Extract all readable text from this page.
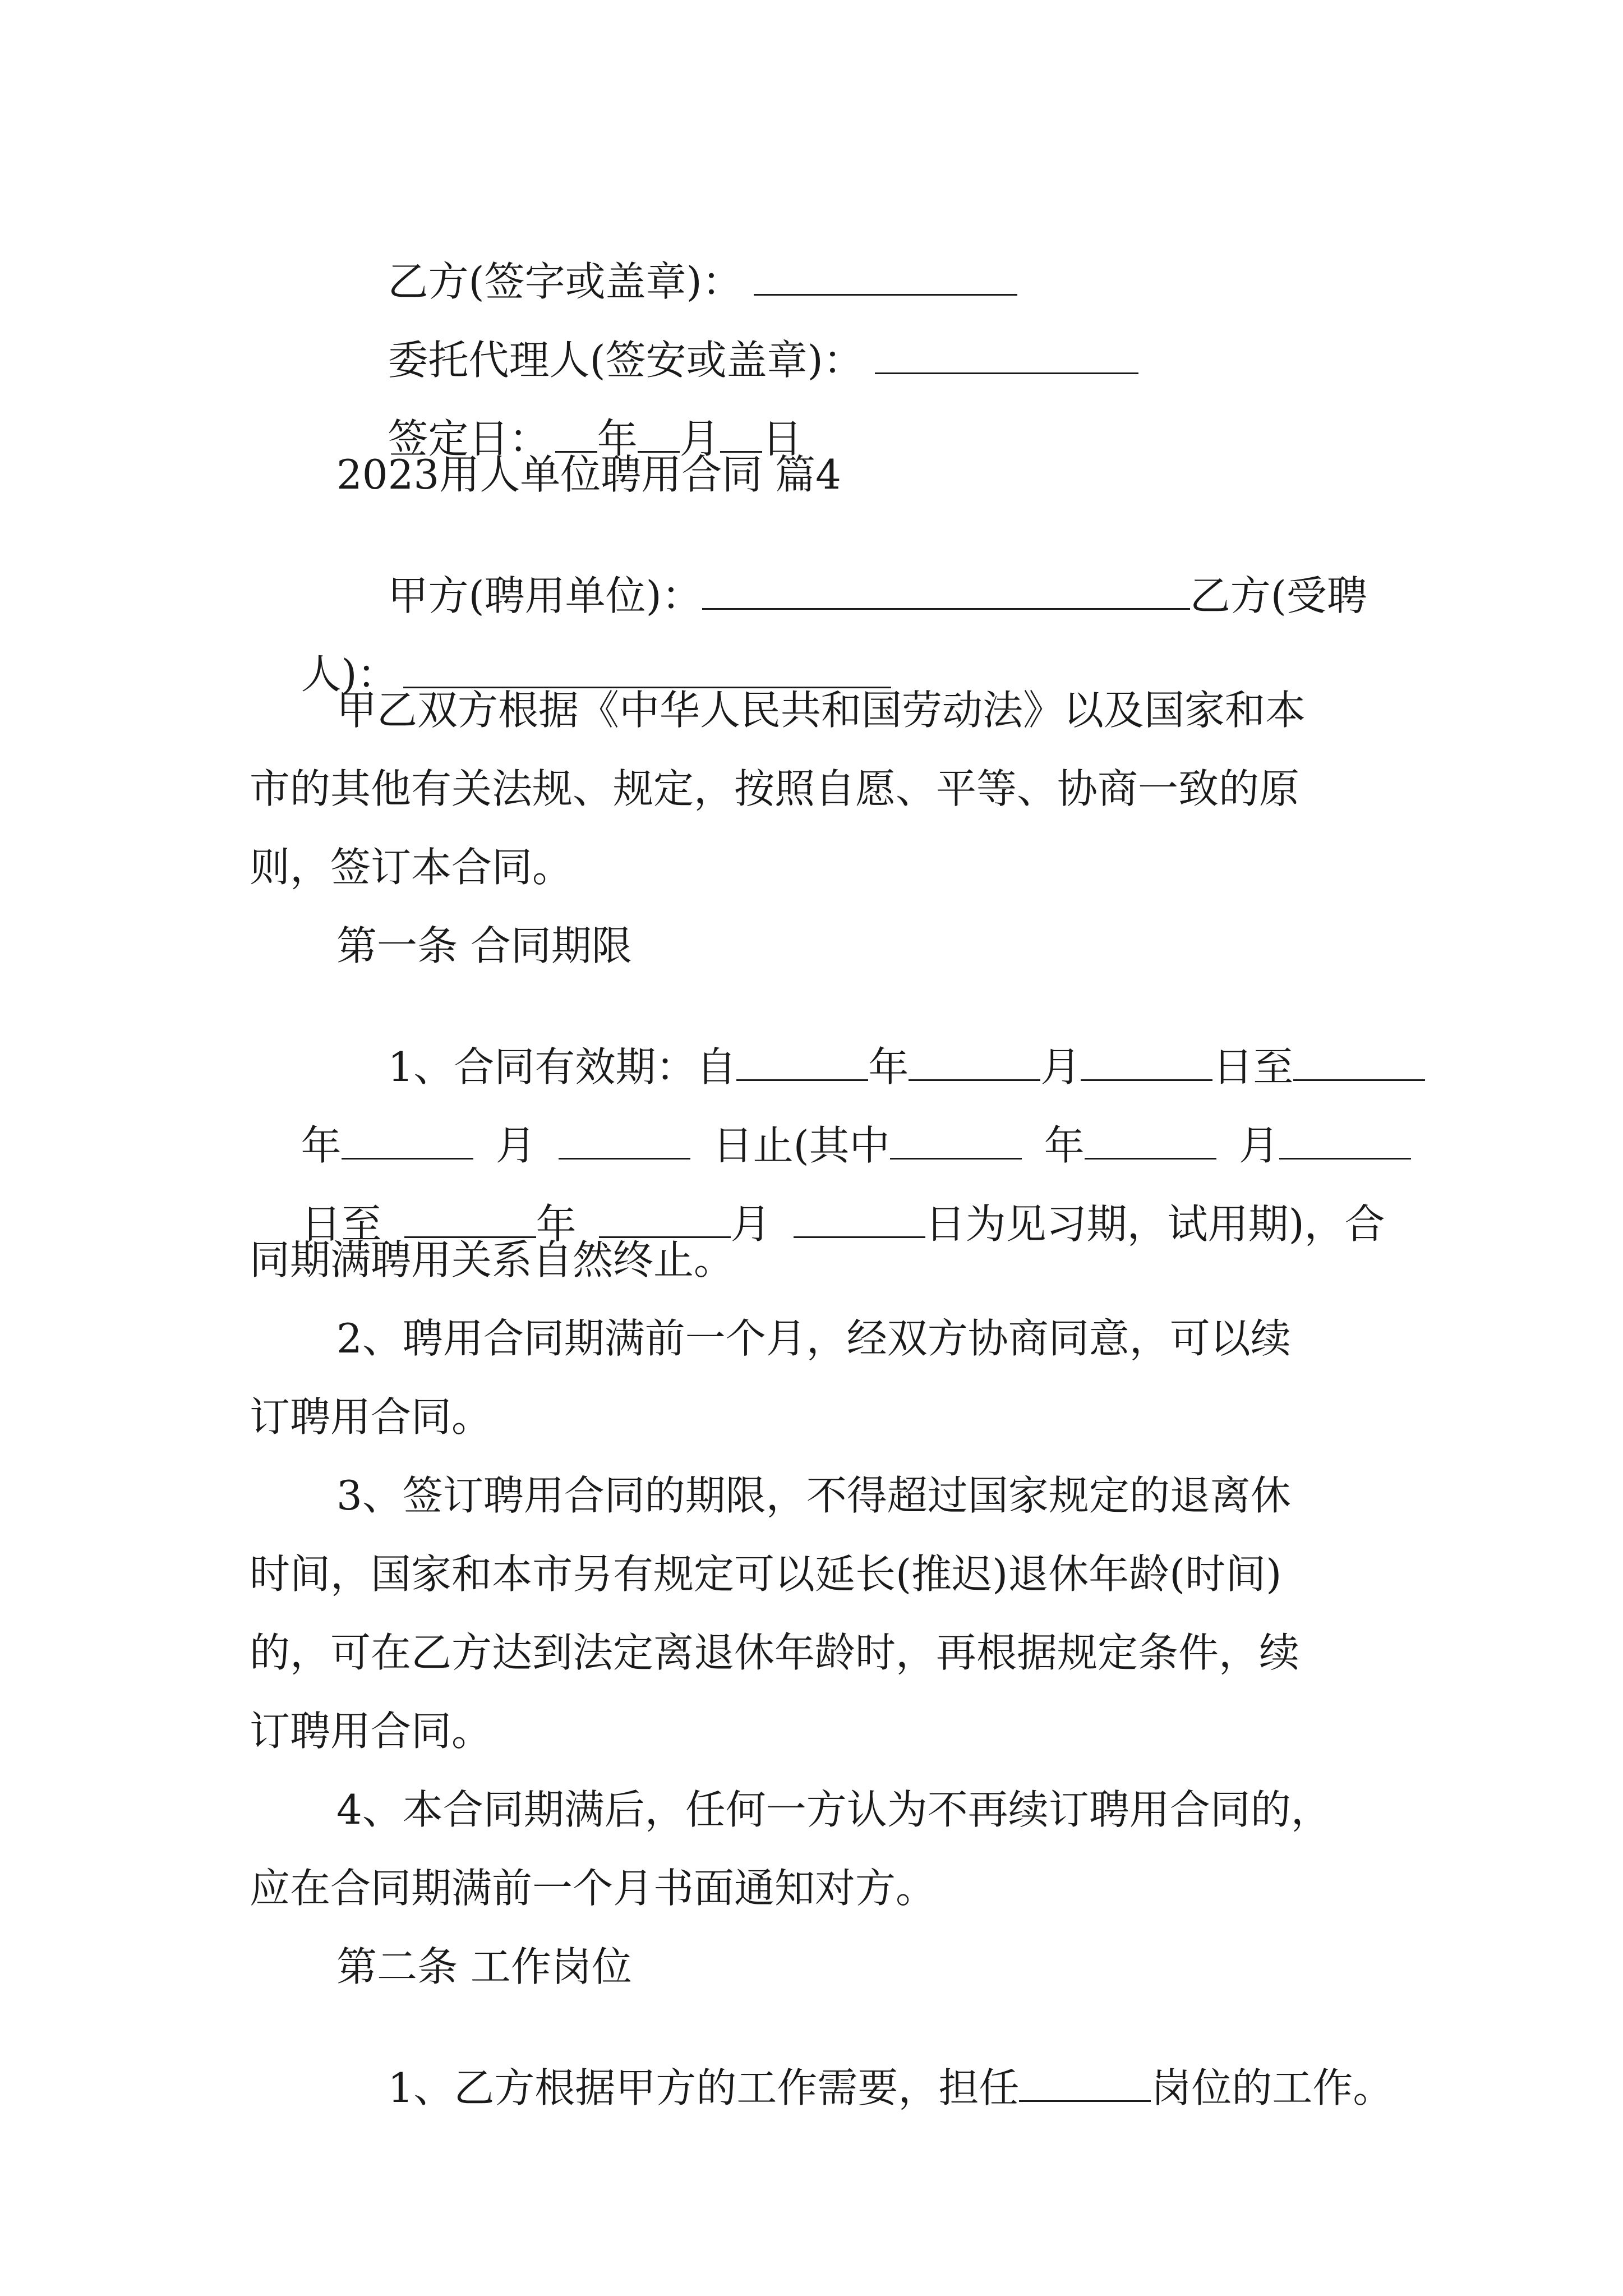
乙方(签字或盖章)：

委托代理人(签安或盖章)：

签定日： 年 月 日

2023用人单位聘用合同 篇4

甲方(聘用单位)：	乙方(受聘

人)：

甲乙双方根据《中华人民共和国劳动法》以及国家和本
市的其他有关法规、规定，按照自愿、平等、协商一致的原
则，签订本合同。
第一条 合同期限

1、合同有效期：自	年	月	日至

年	月	日止(其中	年	月

日至	年	月	日为见习期，试用期)，合

同期满聘用关系自然终止。
2、聘用合同期满前一个月，经双方协商同意，可以续
订聘用合同。
3、签订聘用合同的期限，不得超过国家规定的退离休
时间，国家和本市另有规定可以延长(推迟)退休年龄(时间)
的，可在乙方达到法定离退休年龄时，再根据规定条件，续
订聘用合同。
4、本合同期满后，任何一方认为不再续订聘用合同的，
应在合同期满前一个月书面通知对方。
第二条 工作岗位

1、乙方根据甲方的工作需要，担任	岗位的工作。
